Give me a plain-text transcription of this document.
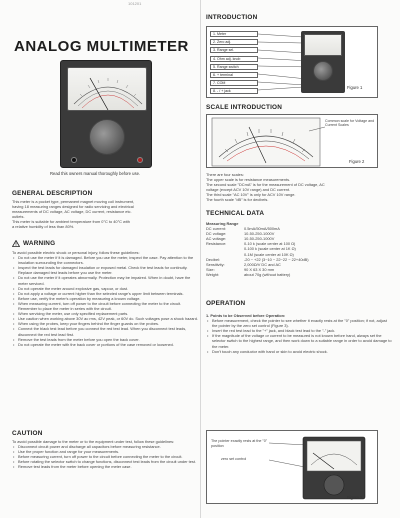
101201
ANALOG MULTIMETER
Read this owners manual thoroughly before use.
GENERAL DESCRIPTION
This meter is a pocket type, permanent magnet moving coil instrument,
having 18 measuring ranges designed for radio servicing and electrical
measurements of DC voltage, AC voltage, DC current, resistance etc.
outlets.
This meter is suitable for ambient temperature from 0°C to 40°C with
a relative humidity of less than 80%.
WARNING
To avoid possible electric shock or personal injury, follow these guidelines:
• Do not use the meter if it is damaged. Before you use the meter, inspect the case. Pay attention to the insulation surrounding the connectors.
• Inspect the test leads for damaged insulation or exposed metal. Check the test leads for continuity. Replace damaged test leads before you use the meter.
• Do not use the meter if it operates abnormally. Protection may be impaired. When in doubt, have the meter serviced.
• Do not operate the meter around explosive gas, vapour, or dust.
• Do not apply a voltage or current higher than the selected range's upper limit between terminals.
• Before use, verify the meter's operation by measuring a known voltage.
• When measuring current, turn off power to the circuit before connecting the meter to the circuit. Remember to place the meter in series with the circuit.
• When servicing the meter, use only specified replacement parts.
• Use caution when working above 30V ac rms, 42V peak, or 60V dc. Such voltages pose a shock hazard.
• When using the probes, keep your fingers behind the finger guards on the probes.
• Connect the black test lead before you connect the red test lead. When you disconnect test leads, disconnect the red test lead first.
• Remove the test leads from the meter before you open the back cover.
• Do not operate the meter with the back cover or portions of the case removed or loosened.
CAUTION
To avoid possible damage to the meter or to the equipment under test, follow these guidelines:
• Disconnect circuit power and discharge all capacitors before measuring resistance.
• Use the proper function and range for your measurements.
• Before measuring current, turn off power to the circuit before connecting the meter to the circuit.
• Before rotating the selector switch to change functions, disconnect test leads from the circuit under test.
• Remove test leads from the meter before opening the meter case.
INTRODUCTION
1. Meter
2. Zero adj.
3. Range sel.
4. Ohm adj. knob
5. Range switch
6. + terminal
7. COM
8. - / + jack
Figure 1
SCALE INTRODUCTION
Common scale for Voltage and Current Scales
Figure 2
There are four scales:
The upper scale is for resistance measurements.
The second scale "DCmA" is for the measurement of DC voltage, AC
voltage (except ACV 10V range) and DC current.
The third scale "AC 10V" is only for ACV 10V range.
The fourth scale "dB" is for decibels.
TECHNICAL DATA
Measuring Range
DC current:	0.5mA/50mA/500mA
DC voltage:	10-50-250-1000V
AC voltage:	10-50-250-1000V
Resistance:	0-10 k (scale center at 100 Ω)
0-100 k (scale center at 1K Ω)
0-1M (scale center at 10K Ω)
Decibel:	-20 ~ +22 (3~10 ~ 22~22 ~ 22+40dB)
Sensitivity:	2,000Ω/V DC and AC
Size:	90 X 63 X 30 mm
Weight:	about 70g (without battery)
OPERATION
1. Points to be Observed before Operation:
• Before measurement, check the pointer to see whether it exactly rests at the "0" position; if not, adjust the pointer by the zero set control (Figure 3).
• Insert the red test lead to the "+" jack, and black test lead to the "-" jack.
• If the magnitude of the voltage or current to be measured is not known before hand, always set the selector switch to the highest range, and then work down to a suitable range in order to avoid damage to the meter.
• Don't touch any conductor with hand or skin to avoid electric shock.
The pointer exactly rests at the "0" position
zero set control
Figure 3
